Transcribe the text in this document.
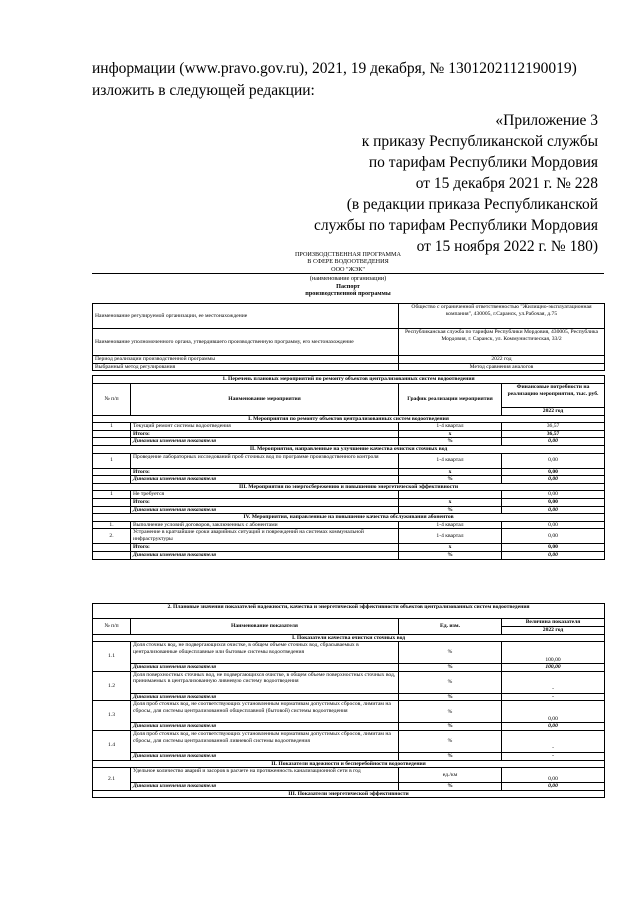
информации (www.pravo.gov.ru), 2021, 19 декабря, № 1301202112190019)

изложить в следующей редакции:

«Приложение 3
к приказу Республиканской службы
по тарифам Республики Мордовия
от 15 декабря 2021 г. № 228
(в редакции приказа Республиканской
службы по тарифам Республики Мордовия
от 15 ноября 2022 г. № 180)
ПРОИЗВОДСТВЕННАЯ ПРОГРАММА
В СФЕРЕ ВОДООТВЕДЕНИЯ
ООО "ЖЭК"
(наименование организации)
Паспорт
производственной программы
Наименование регулируемой организации, ее местонахождение	Общество с ограниченной ответственностью "Жилищно-эксплуатационная компания", 430005, г.Саранск, ул.Рабочая, д.75
Наименование уполномоченного органа, утвердившего производственную программу, его местонахождение	Республиканская служба по тарифам Республики Мордовия, 430005, Республика Мордовия, г. Саранск, ул. Коммунистическая, 33/2
Период реализации производственной программы	2022 год
Выбранный метод регулирования	Метод сравнения аналогов
1. Перечень плановых мероприятий по ремонту объектов централизованных систем водоотведения			
№ п/п	Наименование мероприятия	График реализации мероприятия	Финансовые потребности на реализацию мероприятия, тыс. руб.
			2022 год
I. Мероприятия по ремонту объектов централизованных систем водоотведения			
1	Текущий ремонт системы водоотведения	1-4 квартал	36,57
	Итого:	х	36,57
	Динамика изменения показателя	%	0,00
II. Мероприятия, направленные на улучшение качества очистки сточных вод			
1	Проведение лабораторных исследований проб сточных вод по программе производственного контроля	1-4 квартал	0,00
	Итого:	х	0,00
	Динамика изменения показателя	%	0,00
III. Мероприятия по энергосбережению и повышению энергетической эффективности			
1	Не требуется		0,00
	Итого:	х	0,00
	Динамика изменения показателя	%	0,00
IV. Мероприятия, направленные на повышение качества обслуживания абонентов			
1.	Выполнение условий договоров, заключенных с абонентами	1-4 квартал	0,00
2.	Устранение в кратчайшие сроки аварийных ситуаций и повреждений на системах коммунальной инфраструктуры	1-4 квартал	0,00
	Итого:	х	0,00
	Динамика изменения показателя	%	0,00
2. Плановые значения показателей надежности, качества и энергетической эффективности объектов централизованных систем водоотведения			
№ п/п	Наименование показателя	Ед. изм.	Величина показателя
			2022 год
I. Показатели качества очистки сточных вод			
1.1	Доля сточных вод, не подвергающихся очистке, в общем объеме сточных вод, сбрасываемых в централизованные общесплавные или бытовые системы водоотведения	%	100,00
	Динамика изменения показателя	%	100,00
1.2	Доля поверхностных сточных вод, не подвергающихся очистке, в общем объеме поверхностных сточных вод, принимаемых в централизованную ливневую систему водоотведения	%	-
	Динамика изменения показателя	%	-
1.3	Доля проб сточных вод, не соответствующих установленным нормативам допустимых сбросов, лимитам на сбросы, для системы централизованной общесплавной (бытовой) системы водоотведения	%	0,00
	Динамика изменения показателя	%	0,00
1.4	Доля проб сточных вод, не соответствующих установленным нормативам допустимых сбросов, лимитам на сбросы, для системы централизованной ливневой системы водоотведения	%	-
	Динамика изменения показателя	%	-
II. Показатели надежности и бесперебойности водоотведения			
2.1	Удельное количество аварий и засоров в расчете на протяженность канализационной сети в год	ед./км	0,00
	Динамика изменения показателя	%	0,00
III. Показатели энергетической эффективности			
